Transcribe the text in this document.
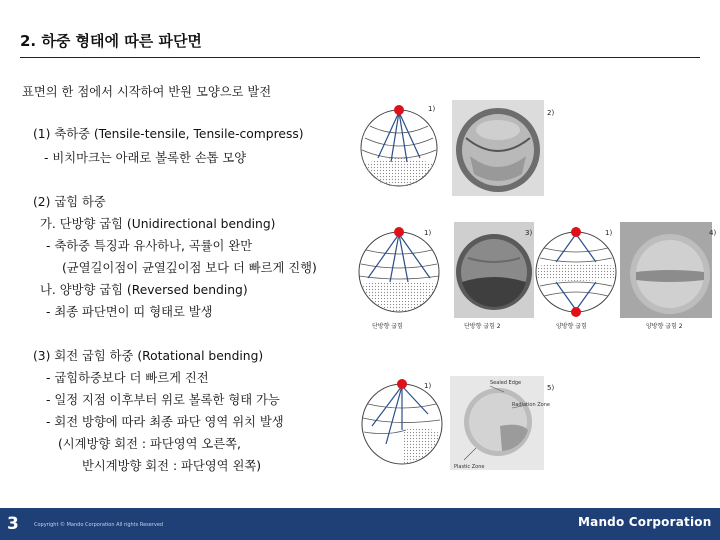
2. 하중 형태에 따른 파단면
표면의 한 점에서 시작하여 반원 모양으로 발전
(1) 축하중 (Tensile-tensile, Tensile-compress)
- 비치마크는 아래로 볼록한 손톱 모양
(2) 굽힘 하중
가. 단방향 굽힘 (Unidirectional bending)
- 축하중 특징과 유사하나, 곡률이 완만
(균열길이점이 균열깊이점 보다 더 빠르게 진행)
나. 양방향 굽힘 (Reversed bending)
- 최종 파단면이 띠 형태로 발생
(3) 회전 굽힘 하중 (Rotational bending)
- 굽힘하중보다 더 빠르게 진전
- 일정 지점 이후부터 위로 볼록한 형태 가능
- 회전 방향에 따라 최종 파단 영역 위치 발생
(시계방향 회전 : 파단영역 오른쪽,
반시계방향 회전 : 파단영역 왼쪽)
1)	2)
1)
단방향 굽힘
3)
단방향 굽힘 2
1)
양방향 굽힘
4)
양방향 굽힘 2
1)	Sealed Edge
Radiation Zone
Plastic Zone
5)
3	Copyright © Mando Corporation All rights Reserved	Mando Corporation
